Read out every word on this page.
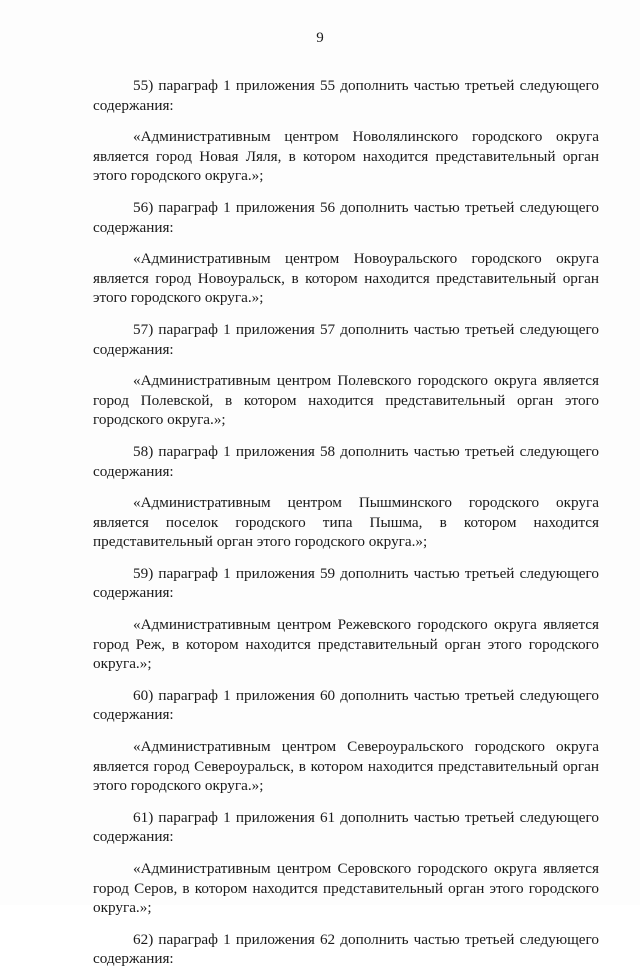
9

55) параграф 1 приложения 55 дополнить частью третьей следующего содержания:

«Административным центром Новолялинского городского округа является город Новая Ляля, в котором находится представительный орган этого городского округа.»;

56) параграф 1 приложения 56 дополнить частью третьей следующего содержания:

«Административным центром Новоуральского городского округа является город Новоуральск, в котором находится представительный орган этого городского округа.»;

57) параграф 1 приложения 57 дополнить частью третьей следующего содержания:

«Административным центром Полевского городского округа является город Полевской, в котором находится представительный орган этого городского округа.»;

58) параграф 1 приложения 58 дополнить частью третьей следующего содержания:

«Административным центром Пышминского городского округа является поселок городского типа Пышма, в котором находится представительный орган этого городского округа.»;

59) параграф 1 приложения 59 дополнить частью третьей следующего содержания:

«Административным центром Режевского городского округа является город Реж, в котором находится представительный орган этого городского округа.»;

60) параграф 1 приложения 60 дополнить частью третьей следующего содержания:

«Административным центром Североуральского городского округа является город Североуральск, в котором находится представительный орган этого городского округа.»;

61) параграф 1 приложения 61 дополнить частью третьей следующего содержания:

«Административным центром Серовского городского округа является город Серов, в котором находится представительный орган этого городского округа.»;

62) параграф 1 приложения 62 дополнить частью третьей следующего содержания:
